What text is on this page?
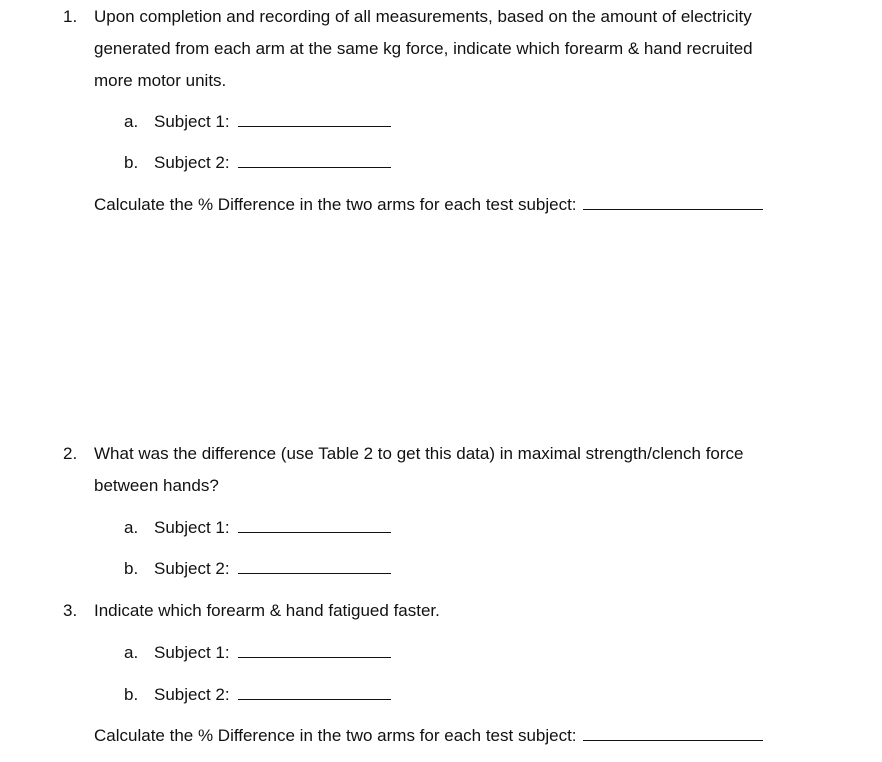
1. Upon completion and recording of all measurements, based on the amount of electricity
generated from each arm at the same kg force, indicate which forearm & hand recruited
more motor units.
a. Subject 1:
b. Subject 2:
Calculate the % Difference in the two arms for each test subject:
2. What was the difference (use Table 2 to get this data) in maximal strength/clench force
between hands?
a. Subject 1:
b. Subject 2:
3. Indicate which forearm & hand fatigued faster.
a. Subject 1:
b. Subject 2:
Calculate the % Difference in the two arms for each test subject:
